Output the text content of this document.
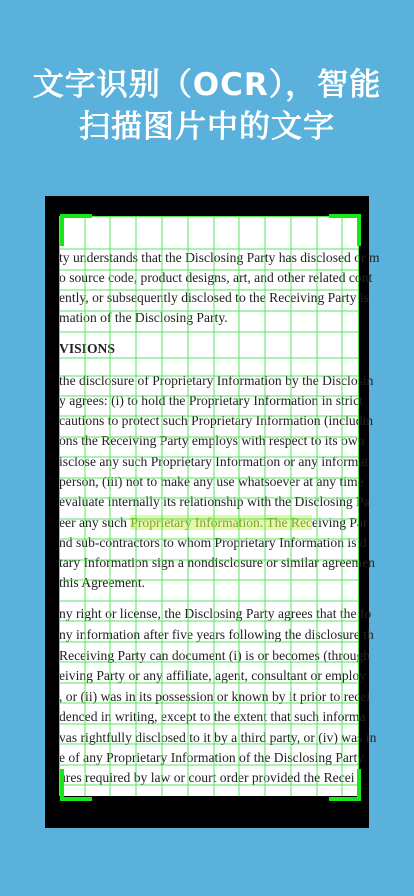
文字识别（OCR），智能
扫描图片中的文字
ty understands that the Disclosing Party has disclosed or m
o source code, product designs, art, and other related cont
ently, or subsequently disclosed to the Receiving Party is
mation of the Disclosing Party.
VISIONS
the disclosure of Proprietary Information by the Disclosin
y agrees: (i) to hold the Proprietary Information in strict
cautions to protect such Proprietary Information (includin
ons the Receiving Party employs with respect to its own
isclose any such Proprietary Information or any informat
person, (iii) not to make any use whatsoever at any time
evaluate internally its relationship with the Disclosing Pa
eer any such Proprietary Information. The Receiving Par
nd sub-contractors to whom Proprietary Information is d
tary Information sign a nondisclosure or similar agreemen
this Agreement.
ny right or license, the Disclosing Party agrees that the fo
ny information after five years following the disclosure th
Receiving Party can document (i) is or becomes (through
eiving Party or any affiliate, agent, consultant or employ
, or (ii) was in its possession or known by it prior to recei
denced in writing, except to the extent that such informa
vas rightfully disclosed to it by a third party, or (iv) was in
e of any Proprietary Information of the Disclosing Party.
ures required by law or court order provided the Recei
